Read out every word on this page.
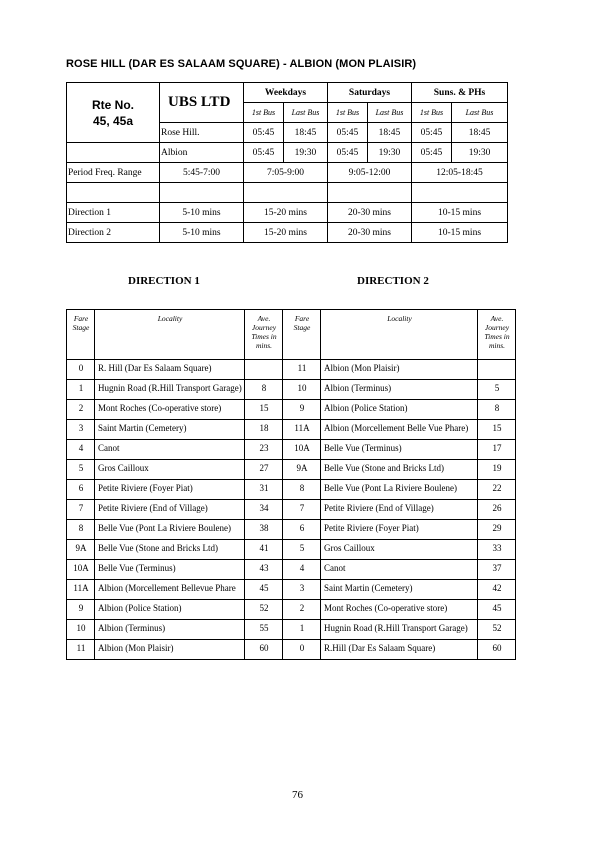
ROSE HILL (DAR ES SALAAM SQUARE) - ALBION (MON PLAISIR)
Rte No.
45, 45a	UBS LTD	Weekdays		Saturdays		Suns. & PHs	
		1st Bus	Last Bus	1st Bus	Last Bus	1st Bus	Last Bus
	Rose Hill.	05:45	18:45	05:45	18:45	05:45	18:45
	Albion	05:45	19:30	05:45	19:30	05:45	19:30
Period Freq. Range	5:45-7:00	7:05-9:00		9:05-12:00		12:05-18:45	

Direction 1	5-10 mins	15-20 mins		20-30 mins		10-15 mins	
Direction 2	5-10 mins	15-20 mins		20-30 mins		10-15 mins	
DIRECTION 1	DIRECTION 2
Fare Stage	Locality	Ave. Journey Times in mins.	Fare Stage	Locality	Ave. Journey Times in mins.
0	R. Hill (Dar Es Salaam Square)		11	Albion (Mon Plaisir)	
1	Hugnin Road (R.Hill Transport Garage)	8	10	Albion (Terminus)	5
2	Mont Roches (Co-operative store)	15	9	Albion (Police Station)	8
3	Saint Martin (Cemetery)	18	11A	Albion (Morcellement Belle Vue Phare)	15
4	Canot	23	10A	Belle Vue (Terminus)	17
5	Gros Cailloux	27	9A	Belle Vue (Stone and Bricks Ltd)	19
6	Petite Riviere (Foyer Piat)	31	8	Belle Vue (Pont La Riviere Boulene)	22
7	Petite Riviere (End of Village)	34	7	Petite Riviere (End of Village)	26
8	Belle Vue (Pont La Riviere Boulene)	38	6	Petite Riviere (Foyer Piat)	29
9A	Belle Vue (Stone and Bricks Ltd)	41	5	Gros Cailloux	33
10A	Belle Vue (Terminus)	43	4	Canot	37
11A	Albion (Morcellement Bellevue Phare	45	3	Saint Martin (Cemetery)	42
9	Albion (Police Station)	52	2	Mont Roches (Co-operative store)	45
10	Albion (Terminus)	55	1	Hugnin Road (R.Hill Transport Garage)	52
11	Albion (Mon Plaisir)	60	0	R.Hill (Dar Es Salaam Square)	60
76
